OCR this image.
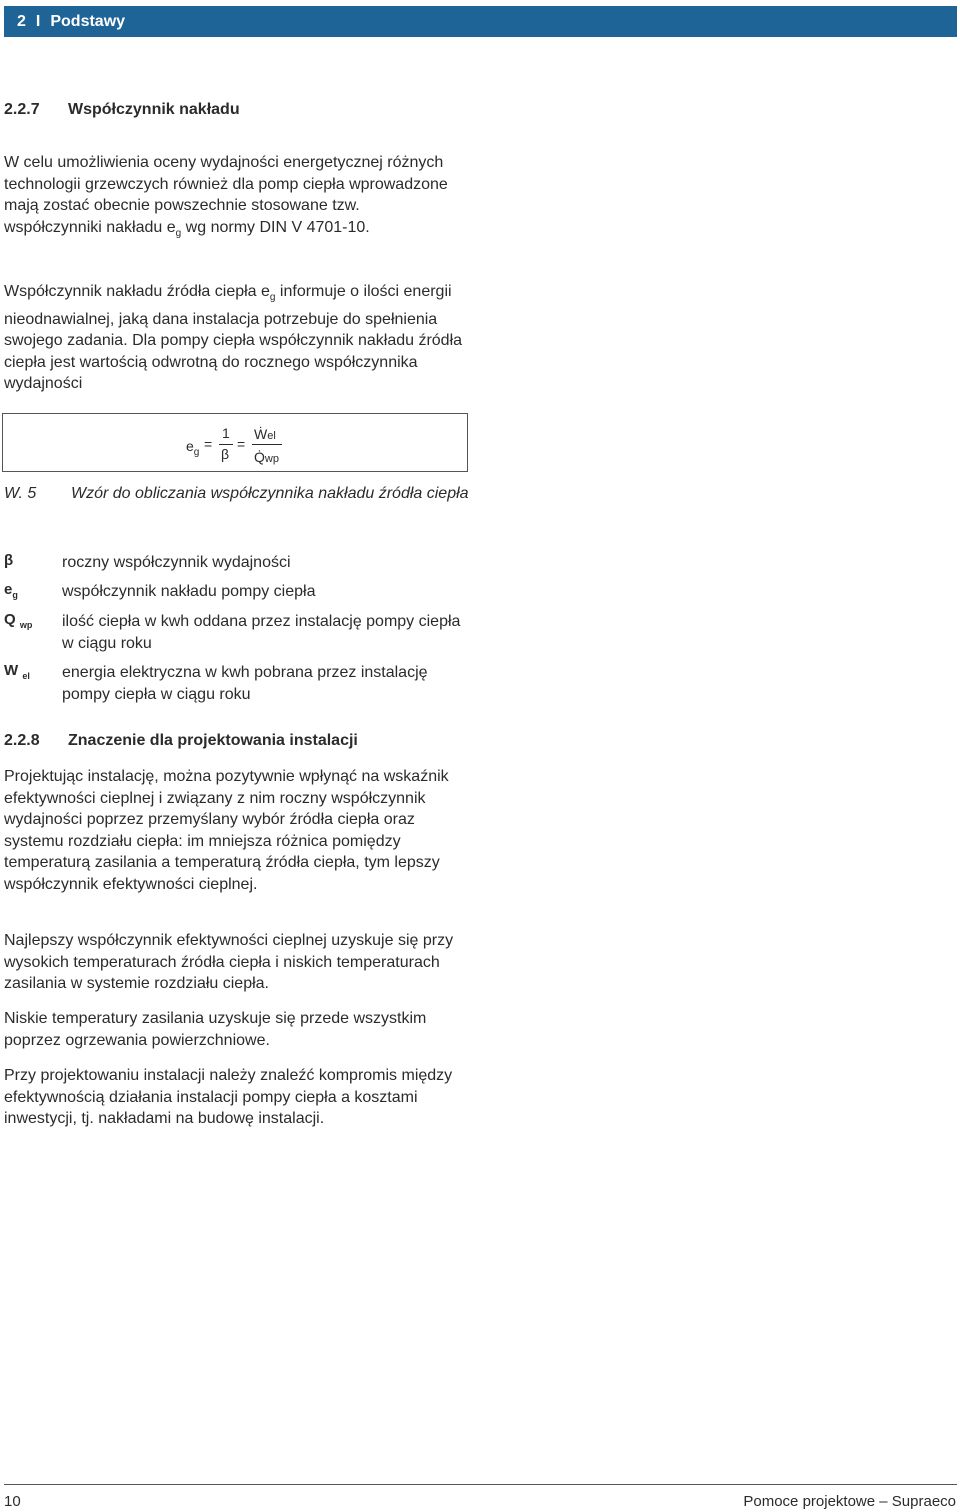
2 I Podstawy
2.2.7 Współczynnik nakładu

W celu umożliwienia oceny wydajności energetycznej różnych technologii grzewczych również dla pomp ciepła wprowadzone mają zostać obecnie powszechnie stosowane tzw. współczynniki nakładu $e_g$ wg normy DIN V 4701-10.

Współczynnik nakładu źródła ciepła $e_g$ informuje o ilości energii nieodnawialnej, jaką dana instalacja potrzebuje do spełnienia swojego zadania. Dla pompy ciepła współczynnik nakładu źródła ciepła jest wartością odwrotną do rocznego współczynnika wydajności

$e_g$
=
1
β
=
Ẇel
Q̇wp
W. 5 Wzór do obliczania współczynnika nakładu źródła ciepła
β	roczny współczynnik wydajności
$e_g$	współczynnik nakładu pompy ciepła
Q $_{wp}$ ilość ciepła w kwh oddana przez instalację pompy ciepła w ciągu roku
W $_{el}$ energia elektryczna w kwh pobrana przez instalację pompy ciepła w ciągu roku
2.2.8 Znaczenie dla projektowania instalacji

Projektując instalację, można pozytywnie wpłynąć na wskaźnik efektywności cieplnej i związany z nim roczny współczynnik wydajności poprzez przemyślany wybór źródła ciepła oraz systemu rozdziału ciepła: im mniejsza różnica pomiędzy temperaturą zasilania a temperaturą źródła ciepła, tym lepszy współczynnik efektywności cieplnej.

Najlepszy współczynnik efektywności cieplnej uzyskuje się przy wysokich temperaturach źródła ciepła i niskich temperaturach zasilania w systemie rozdziału ciepła.

Niskie temperatury zasilania uzyskuje się przede wszystkim poprzez ogrzewania powierzchniowe.

Przy projektowaniu instalacji należy znaleźć kompromis między efektywnością działania instalacji pompy ciepła a kosztami inwestycji, tj. nakładami na budowę instalacji.

10	Pomoce projektowe – Supraeco
